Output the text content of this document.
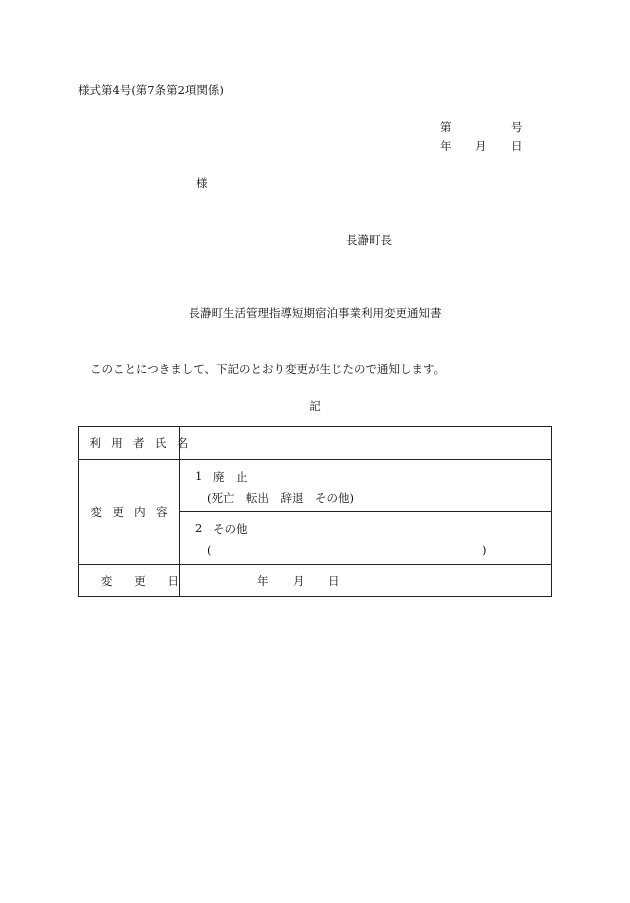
様式第4号(第7条第2項関係)
第	号
年 月 日
様
長瀞町長
長瀞町生活管理指導短期宿泊事業利用変更通知書
このことにつきまして、下記のとおり変更が生じたので通知します。
記
利用者氏名
変更内容
1 廃　止
(死亡　転出　辞退　その他)
2 その他
(	)
変更日	年 月 日
